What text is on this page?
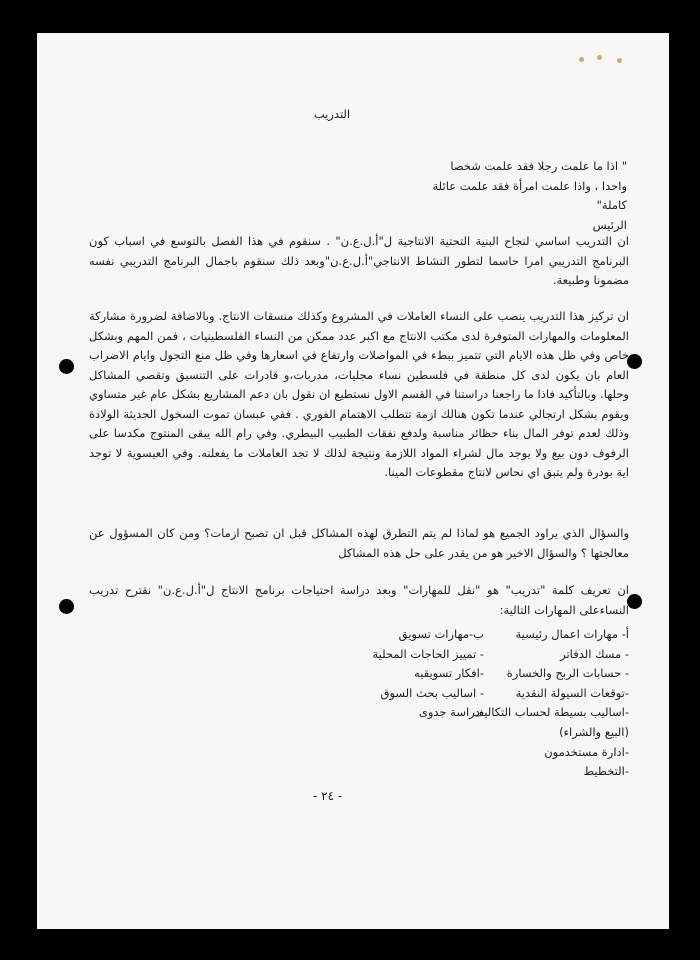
التدريب
" اذا ما علمت رجلا فقد علمت شخصا
واحدا ، واذا علمت امرأة فقد علمت عائلة
كاملة"
الرئيس
ان التدريب اساسي لنجاح البنية التحتية الانتاجية ل"أ.ل.ع.ن" . سنقوم في هذا الفصل بالتوسع في اسباب كون البرنامج التدريبي امرا حاسما لتطور النشاط الانتاجي"أ.ل.ع.ن"وبعد ذلك سنقوم باجمال البرنامج التدريبي نفسه مضمونا وطبيعة.
ان تركيز هذا التدريب ينصب على النساء العاملات في المشروع وكذلك منسقات الانتاج. وبالاضافة لضرورة مشاركة المعلومات والمهارات المتوفرة لدى مكتب الانتاج مع اكبر عدد ممكن من النساء الفلسطينيات ، فمن المهم وبشكل خاص وفي ظل هذه الايام التي تتميز ببطء في المواصلات وارتفاع في اسعارها وفي ظل منع التجول وايام الاضراب العام بان يكون لدى كل منطقة في فلسطين نساء مجليات، مدربات،و قادرات على التنسيق وتقصي المشاكل وحلها. وبالتأكيد فاذا ما راجعنا دراستنا في القسم الاول نستطيع ان نقول بان دعم المشاريع بشكل عام غير متساوي ويقوم بشكل ارتجالي عندما تكون هنالك ازمة تتطلب الاهتمام الفوري . ففي عبسان تموت السخول الحديثة الولادة وذلك لعدم توفر المال بناء حظائر مناسبة ولدفع نفقات الطبيب البيطري. وفي رام الله يبقى المنتوج مكدسا على الرفوف دون بيع ولا يوجد مال لشراء المواد اللازمة ونتيجة لذلك لا تجد العاملات ما يفعلنه. وفي العيسوية لا توجد اية بودرة ولم يتبق اي نحاس لانتاج مقطوعات المينا.
والسؤال الذي يراود الجميع هو لماذا لم يتم التطرق لهذه المشاكل قبل ان تصبح ازمات؟ ومن كان المسؤول عن معالجتها ؟ والسؤال الاخير هو من يقدر على حل هذه المشاكل
ان تعريف كلمة "تدريب" هو "نقل للمهارات" وبعد دراسة احتياجات برنامج الانتاج ل"أ.ل.ع.ن" نقترح تدريب النساءعلى المهارات التالية:
أ- مهارات اعمال رئيسية
ب-مهارات تسويق
- مسك الدفاتر
- تمييز الحاجات المحلية
- حسابات الربح والخسارة
-افكار تسويقيه
-توقعات السيولة النقدية
- اساليب بحث السوق
-اساليب بسيطة لحساب التكاليف
-دراسة جدوى
(البيع والشراء)
-ادارة مستخدمون
-التخطيط
- ٢٤ -
